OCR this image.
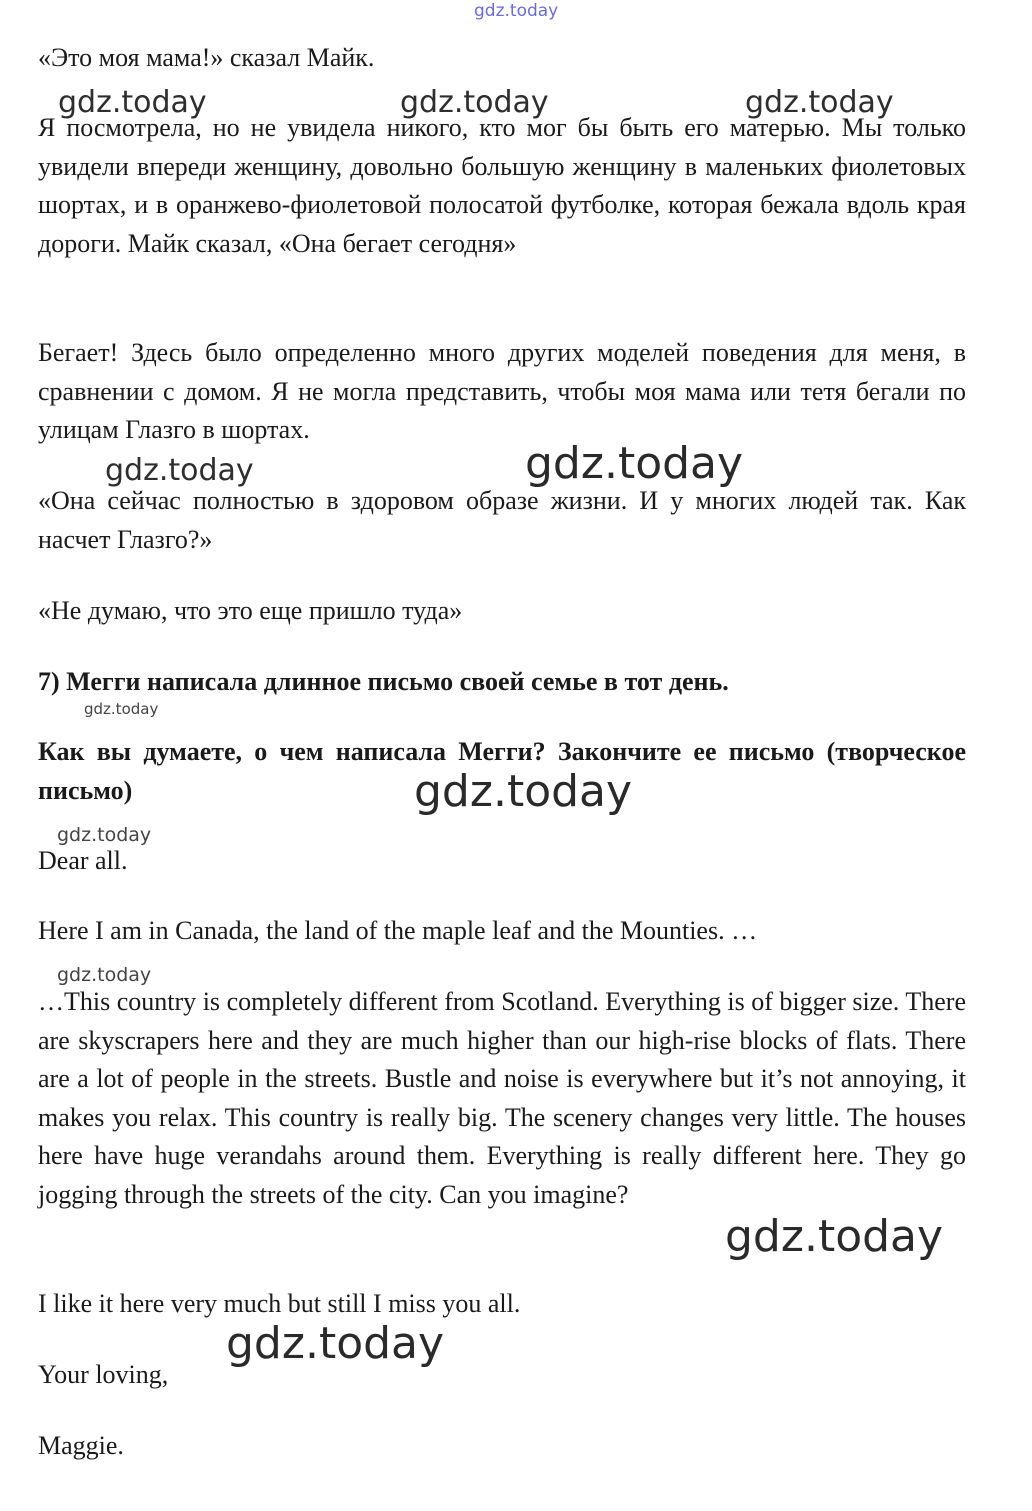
gdz.today
gdz.today	gdz.today	gdz.today
gdz.today	gdz.today
gdz.today
gdz.today
gdz.today
gdz.today
gdz.today
gdz.today

«Это моя мама!» сказал Майк.

Я посмотрела, но не увидела никого, кто мог бы быть его матерью. Мы только увидели впереди женщину, довольно большую женщину в маленьких фиолетовых шортах, и в оранжево-фиолетовой полосатой футболке, которая бежала вдоль края дороги. Майк сказал, «Она бегает сегодня»

Бегает! Здесь было определенно много других моделей поведения для меня, в сравнении с домом. Я не могла представить, чтобы моя мама или тетя бегали по улицам Глазго в шортах.

«Она сейчас полностью в здоровом образе жизни. И у многих людей так. Как насчет Глазго?»

«Не думаю, что это еще пришло туда»

7) Мегги написала длинное письмо своей семье в тот день.

Как вы думаете, о чем написала Мегги? Закончите ее письмо (творческое письмо)

Dear all.

Here I am in Canada, the land of the maple leaf and the Mounties. …

…This country is completely different from Scotland. Everything is of bigger size. There are skyscrapers here and they are much higher than our high-rise blocks of flats. There are a lot of people in the streets. Bustle and noise is everywhere but it’s not annoying, it makes you relax. This country is really big. The scenery changes very little. The houses here have huge verandahs around them. Everything is really different here. They go jogging through the streets of the city. Can you imagine?

I like it here very much but still I miss you all.

Your loving,

Maggie.
